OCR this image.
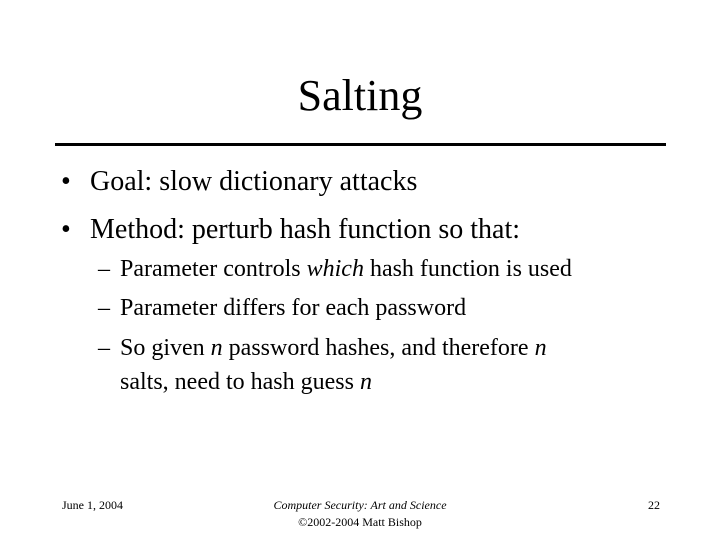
Salting
• Goal: slow dictionary attacks
• Method: perturb hash function so that:
– Parameter controls which hash function is used
– Parameter differs for each password
– So given n password hashes, and therefore n
salts, need to hash guess n
June 1, 2004	Computer Security: Art and Science
©2002-2004 Matt Bishop
22
